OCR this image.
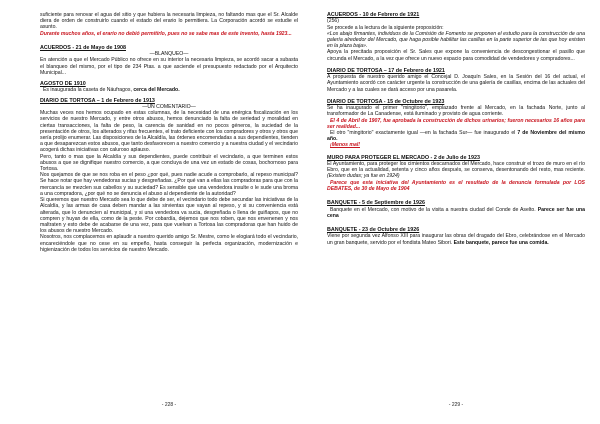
suficiente para renovar el agua del sitio y que hubiera la necesaria limpieza, no faltando mas que el Sr. Alcalde diera de orden de construirlo cuando el estado del erario lo permitiera. La Corporación acordó se estudie el asunto.

Durante muchos años, el erario no debió permitirlo, pues no se sabe mas de este invento, hasta 1923...

ACUERDOS - 21 de Mayo de 1908

—BLANQUEO—

En atención a que el Mercado Público no ofrece en su interior la necesaria limpieza, se acordó sacar a subasta el blanqueo del mismo, por el tipo de 234 Ptas. a que asciende el presupuesto redactado por el Arquitecto Municipal...

AGOSTO DE 1910

Es inaugurada la caseta de Náufragos, cerca del Mercado.

DIARIO DE TORTOSA – 1 de Febrero de 1913

—UN COMENTARIO—

Muchas veces nos hemos ocupado en estas columnas, de la necesidad de una enérgica fiscalización en los servicios de nuestro Mercado, y entre otros abusos, hemos denunciado la falta de seriedad y moralidad en ciertas transacciones, la falta de peso, la carencia de sanidad en no pocos géneros, la suciedad de la presentación de otros, los alterados y rifas frecuentes, el trato deficiente con los compradores y otros y otros que sería prolijo enumerar. Las disposiciones de la Alcaldía, las órdenes encomendadas a sus dependientes, tienden a que desaparezcan estos abusos, que tanto desfavorecen a nuestro comercio y a nuestra ciudad y el vecindario acogerá dichas iniciativas con caluroso aplauso.
Pero, tanto o mas que la Alcaldía y sus dependientes, puede contribuir el vecindario, a que terminen estos abusos a que se dignifique nuestro comercio, a que concluya de una vez un estado de cosas, bochornoso para Tortosa.
Nos quejamos de que se nos roba en el peso ¿por qué, pues nadie acude a comprobarlo, al repeso municipal? Se hace notar que hay vendedoras sucias y desgreñadas. ¿Por qué van a ellas las compradoras para que con la mercancía se mezclen sus cabellos y su suciedad? Es sensible que una vendedora insulte o le sude una broma a una compradora, ¿por qué no se denuncia el abuso al dependiente de la autoridad?
Si queremos que nuestro Mercado sea lo que debe de ser, el vecindario todo debe secundar las iniciativas de la Alcaldía, y las armas de casa deben mandar a las sirvientas que vayan al repeso, y si su conveniencia está alterada, que lo denuncien al municipal, y si una vendedora va sucia, desgreñada o llena de guiñapos, que no compren y huyan de ella, como de la peste. Por cobardía, dejemos que nos roben, que nos envenenen y nos maltraten y esto debe de acabarse de una vez, para que vuelvan a Tortosa las compradoras que han huido de los abusos de nuestro Mercado.
Nosotros, nos complacemos en aplaudir a nuestro querido amigo Sr. Mestre, como le elogiará todo el vecindario, encareciéndole que no cese en su empeño, hasta conseguir la perfecta organización, modernización e higienización de todos los servicios de nuestro Mercado.

ACUERDOS - 10 de Febrero de 1921

(256)

Se procede a la lectura de la siguiente proposición:

«Los abajo firmantes, individuos de la Comisión de Fomento se proponen el estudio para la construcción de una galería alrededor del Mercado, que haga posible habilitar las casillas en la parte superior de las que hoy existen en la plaza baja».

Apoya la precitada proposición el Sr. Sales que expone la conveniencia de descongestionar el pasillo que circunda el Mercado, a la vez que ofrece un nuevo espacio para comodidad de vendedores y compradores...

DIARIO DE TORTOSA – 17 de Febrero de 1921

A propuesta de nuestro querido amigo el Concejal D. Joaquín Sales, en la Sesión del 16 del actual, el Ayuntamiento acordó con carácter urgente la construcción de una galería de casillas, encima de las actuales del Mercado y a las cuales se dará acceso por una pasarela.

DIARIO DE TORTOSA - 15 de Octubre de 1923

Se ha inaugurado el primer "mingitorio", emplazado frente al Mercado, en la fachada Norte, junto al transformador de La Canadense, está iluminado y provisto de agua corriente.

El 4 de Abril de 1907, fue aprobada la construcción de dichos urinarios; fueron necesarios 16 años para ser realidad...

El otro "mingitorio" exactamente igual —en la fachada Sur— fue inaugurado el 7 de Noviembre del mismo año.

¡Menos mal!

MURO PARA PROTEGER EL MERCADO - 2 de Julio de 1923

El Ayuntamiento, para proteger los cimientos descarnados del Mercado, hace construir el trozo de muro en el río Ebro, que en la actualidad, setenta y cinco años después, se conserva, desentonando del resto, mas reciente. (Existen dudas; ya fue en 1924)

Parece que esta iniciativa del Ayuntamiento es el resultado de la denuncia formulada por LOS DEBATES, de 30 de Mayo de 1904

BANQUETE - 5 de Septiembre de 1926

Banquete en el Mercado, con motivo de la visita a nuestra ciudad del Conde de Aselto. Parece ser fue una cena

BANQUETE - 23 de Octubre de 1926

Viene por segunda vez Alfonso XIII para inaugurar las obras del dragado del Ebro, celebrándose en el Mercado un gran banquete, servido por el fondista Mateo Sibori. Este banquete, parece fue una comida.

- 228 -	- 229 -
